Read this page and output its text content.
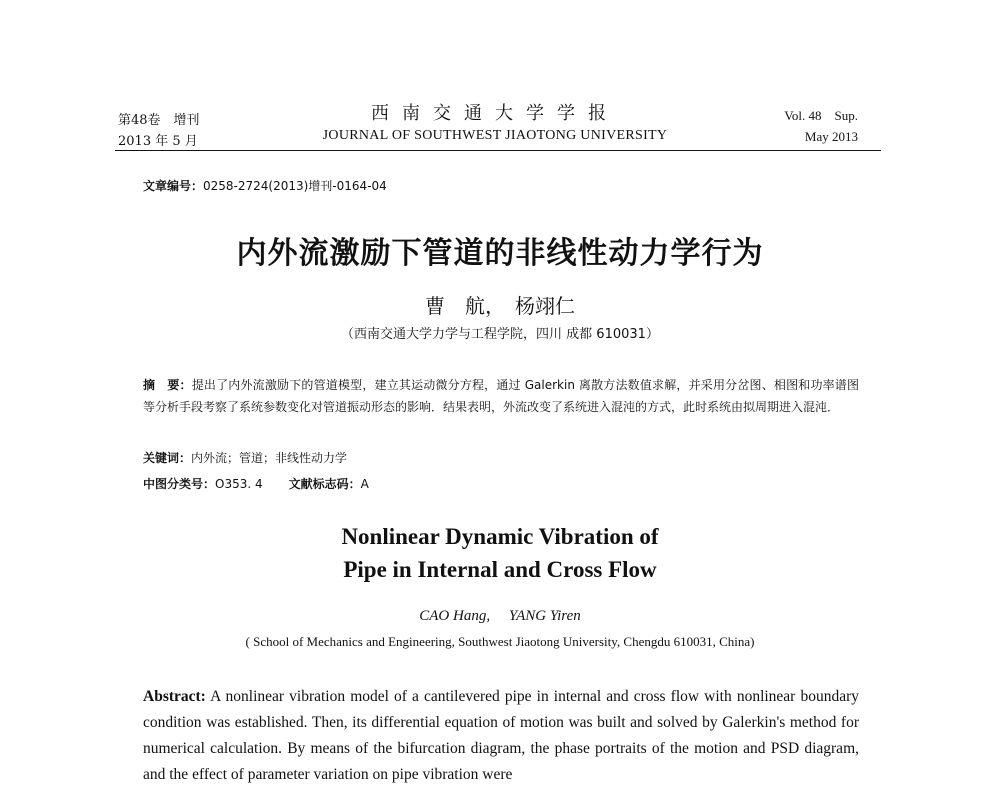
第48卷　增刊
2013 年 5 月
西南交通大学学报
JOURNAL OF SOUTHWEST JIAOTONG UNIVERSITY
Vol. 48　Sup.
May 2013
文章编号：0258-2724(2013)增刊-0164-04
内外流激励下管道的非线性动力学行为
曹　航，　杨翊仁
（西南交通大学力学与工程学院，四川 成都 610031）
摘　要：提出了内外流激励下的管道模型，建立其运动微分方程，通过 Galerkin 离散方法数值求解，并采用分岔图、相图和功率谱图等分析手段考察了系统参数变化对管道振动形态的影响．结果表明，外流改变了系统进入混沌的方式，此时系统由拟周期进入混沌．
关键词：内外流；管道；非线性动力学
中图分类号：O353. 4 文献标志码：A
Nonlinear Dynamic Vibration of
Pipe in Internal and Cross Flow
CAO Hang,　 YANG Yiren
( School of Mechanics and Engineering, Southwest Jiaotong University, Chengdu 610031, China)
Abstract: A nonlinear vibration model of a cantilevered pipe in internal and cross flow with nonlinear boundary condition was established. Then, its differential equation of motion was built and solved by Galerkin's method for numerical calculation. By means of the bifurcation diagram, the phase portraits of the motion and PSD diagram, and the effect of parameter variation on pipe vibration were
